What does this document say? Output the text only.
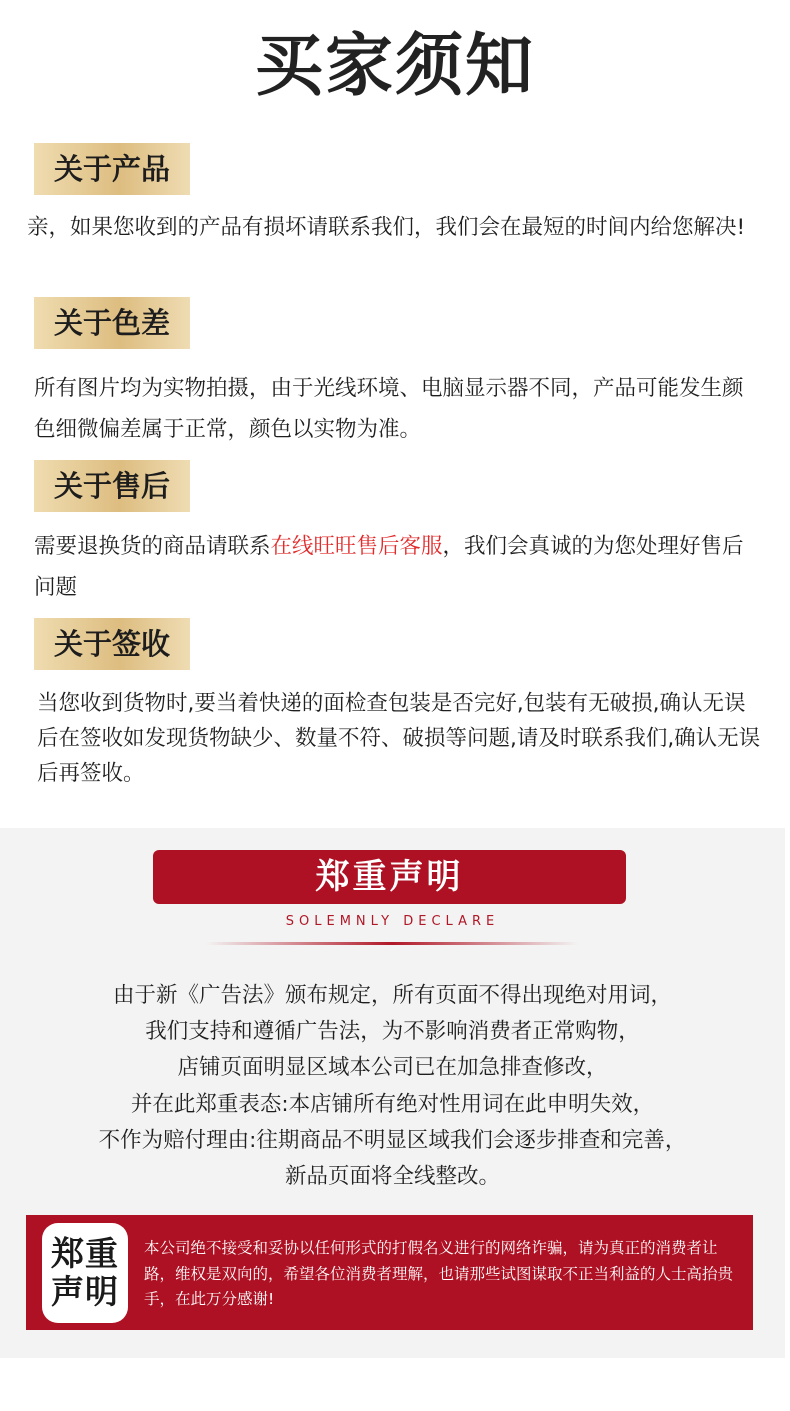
买家须知
关于产品

亲，如果您收到的产品有损坏请联系我们，我们会在最短的时间内给您解决!

关于色差

所有图片均为实物拍摄，由于光线环境、电脑显示器不同，产品可能发生颜色细微偏差属于正常，颜色以实物为准。

关于售后

需要退换货的商品请联系在线旺旺售后客服，我们会真诚的为您处理好售后问题

关于签收

当您收到货物时,要当着快递的面检查包装是否完好,包装有无破损,确认无误后在签收如发现货物缺少、数量不符、破损等问题,请及时联系我们,确认无误后再签收。

郑重声明
SOLEMNLY DECLARE
由于新《广告法》颁布规定，所有页面不得出现绝对用词，
我们支持和遵循广告法，为不影响消费者正常购物，
店铺页面明显区域本公司已在加急排查修改，
并在此郑重表态:本店铺所有绝对性用词在此申明失效，
不作为赔付理由:往期商品不明显区域我们会逐步排查和完善，
新品页面将全线整改。
郑重
声明

本公司绝不接受和妥协以任何形式的打假名义进行的网络诈骗，请为真正的消费者让路，维权是双向的，希望各位消费者理解，也请那些试图谋取不正当利益的人士高抬贵手，在此万分感谢!
